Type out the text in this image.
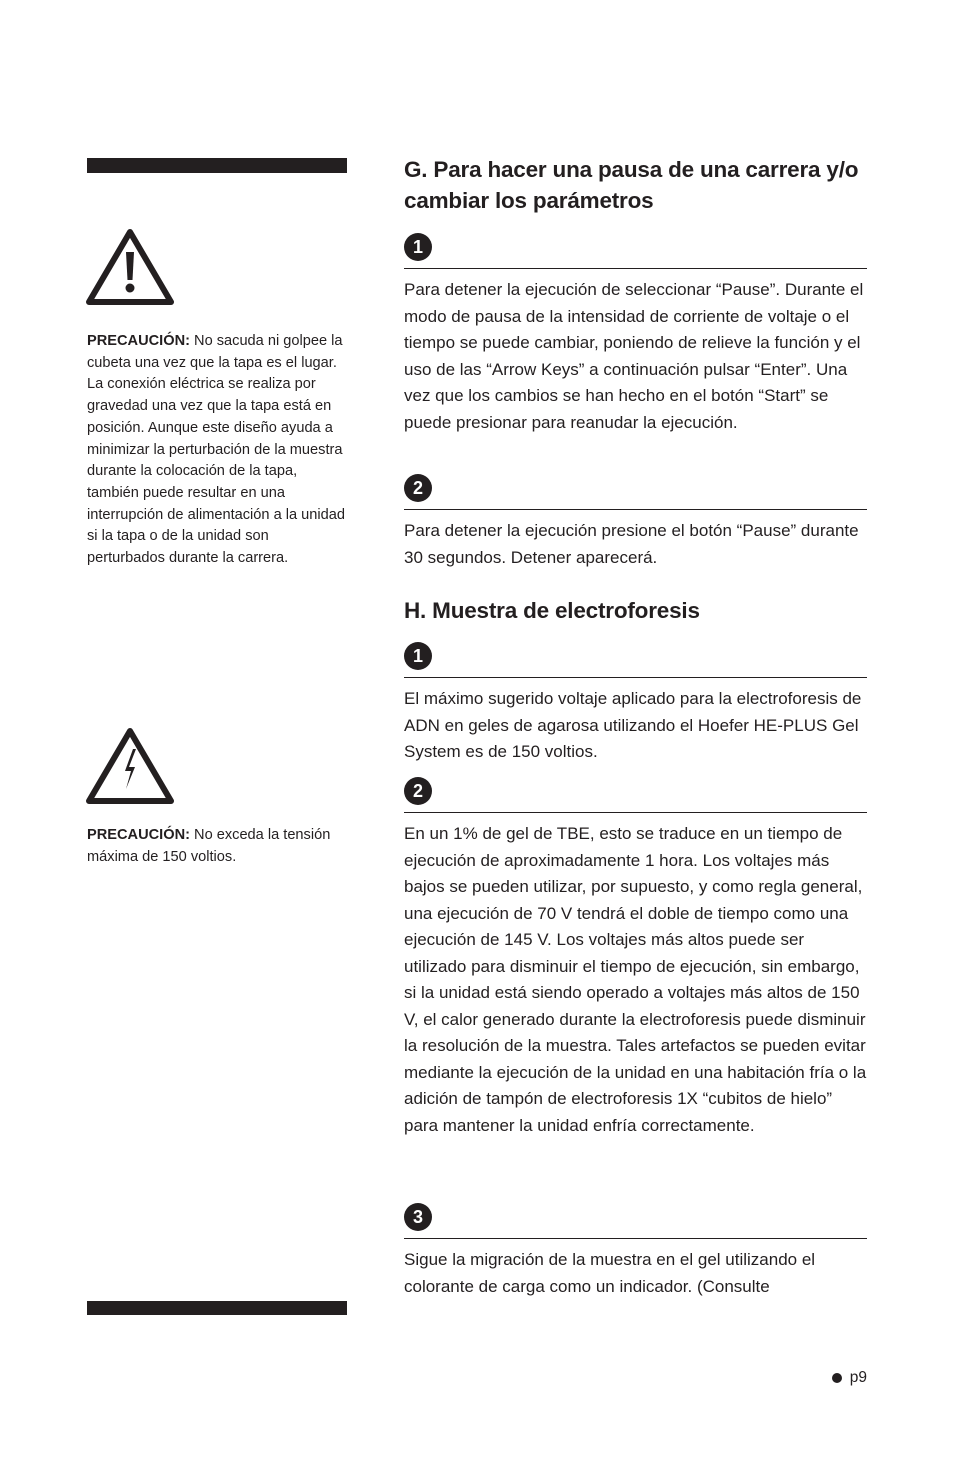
PRECAUCIÓN: No sacuda ni golpee la cubeta una vez que la tapa es el lugar. La conexión eléctrica se realiza por gravedad una vez que la tapa está en posición. Aunque este diseño ayuda a minimizar la perturbación de la muestra durante la colocación de la tapa, también puede resultar en una interrupción de alimentación a la unidad si la tapa o de la unidad son perturbados durante la carrera.
PRECAUCIÓN: No exceda la tensión máxima de 150 voltios.
G. Para hacer una pausa de una carrera y/o cambiar los parámetros
1

Para detener la ejecución de seleccionar “Pause”. Durante el modo de pausa de la intensidad de corriente de voltaje o el tiempo se puede cambiar, poniendo de relieve la función y el uso de las “Arrow Keys” a continuación pulsar “Enter”. Una vez que los cambios se han hecho en el botón “Start” se puede presionar para reanudar la ejecución.

2

Para detener la ejecución presione el botón “Pause” durante 30 segundos. Detener aparecerá.

H. Muestra de electroforesis
1

El máximo sugerido voltaje aplicado para la electroforesis de ADN en geles de agarosa utilizando el Hoefer HE-PLUS Gel System es de 150 voltios.

2

En un 1% de gel de TBE, esto se traduce en un tiempo de ejecución de aproximadamente 1 hora. Los voltajes más bajos se pueden utilizar, por supuesto, y como regla general, una ejecución de 70 V tendrá el doble de tiempo como una ejecución de 145 V. Los voltajes más altos puede ser utilizado para disminuir el tiempo de ejecución, sin embargo, si la unidad está siendo operado a voltajes más altos de 150 V, el calor generado durante la electroforesis puede disminuir la resolución de la muestra. Tales artefactos se pueden evitar mediante la ejecución de la unidad en una habitación fría o la adición de tampón de electroforesis 1X “cubitos de hielo” para mantener la unidad enfría correctamente.

3

Sigue la migración de la muestra en el gel utilizando el colorante de carga como un indicador. (Consulte

p9
